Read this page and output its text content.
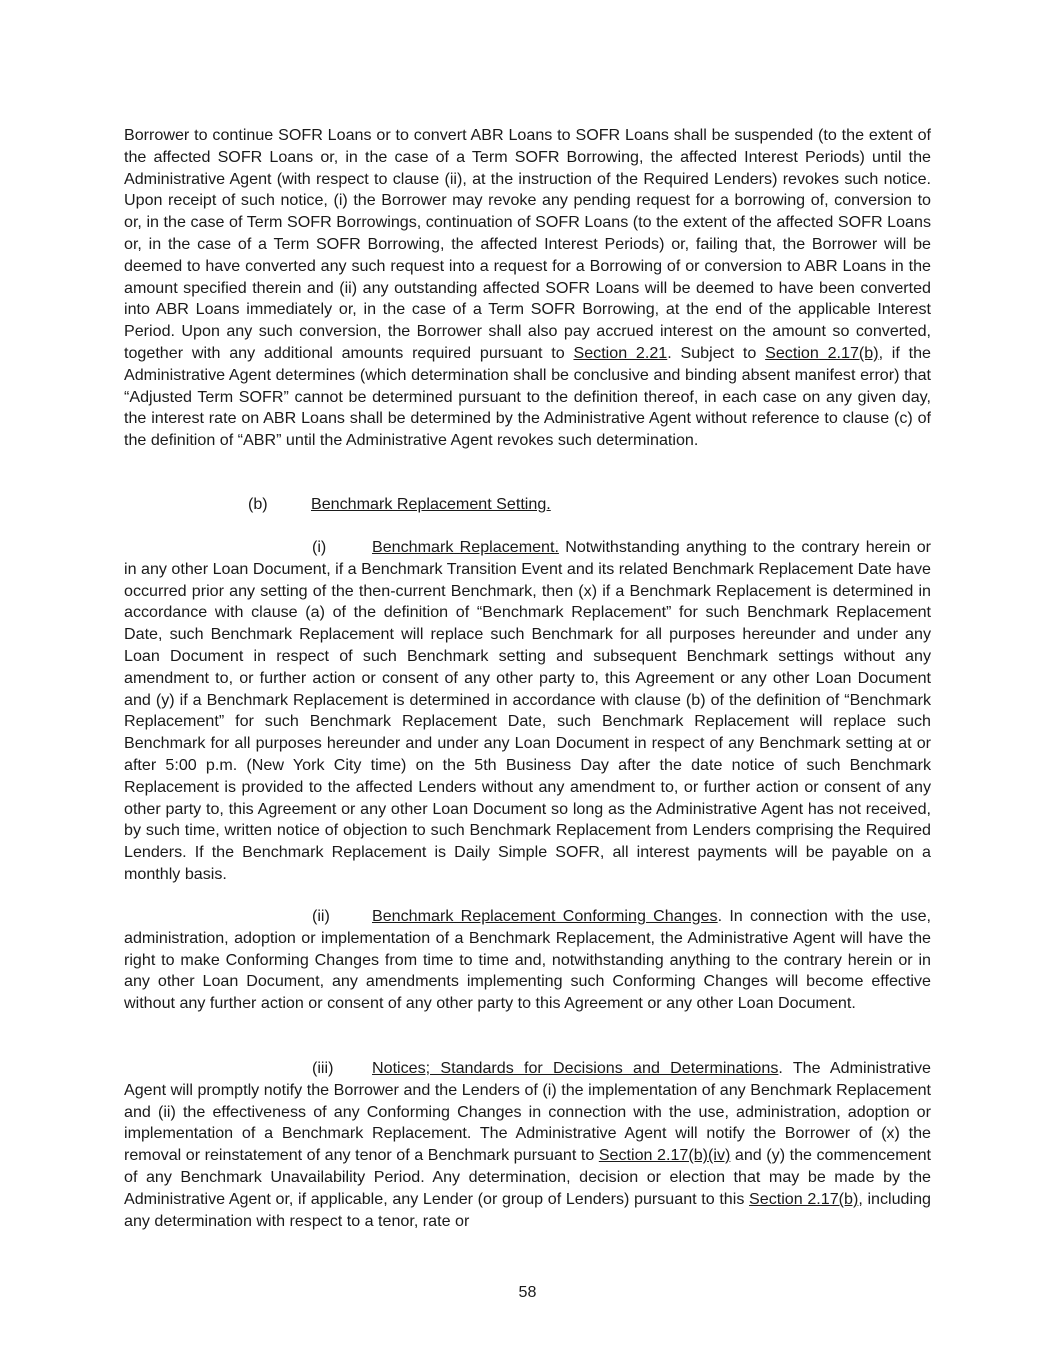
Borrower to continue SOFR Loans or to convert ABR Loans to SOFR Loans shall be suspended (to the extent of the affected SOFR Loans or, in the case of a Term SOFR Borrowing, the affected Interest Periods) until the Administrative Agent (with respect to clause (ii), at the instruction of the Required Lenders) revokes such notice. Upon receipt of such notice, (i) the Borrower may revoke any pending request for a borrowing of, conversion to or, in the case of Term SOFR Borrowings, continuation of SOFR Loans (to the extent of the affected SOFR Loans or, in the case of a Term SOFR Borrowing, the affected Interest Periods) or, failing that, the Borrower will be deemed to have converted any such request into a request for a Borrowing of or conversion to ABR Loans in the amount specified therein and (ii) any outstanding affected SOFR Loans will be deemed to have been converted into ABR Loans immediately or, in the case of a Term SOFR Borrowing, at the end of the applicable Interest Period. Upon any such conversion, the Borrower shall also pay accrued interest on the amount so converted, together with any additional amounts required pursuant to Section 2.21. Subject to Section 2.17(b), if the Administrative Agent determines (which determination shall be conclusive and binding absent manifest error) that “Adjusted Term SOFR” cannot be determined pursuant to the definition thereof, in each case on any given day, the interest rate on ABR Loans shall be determined by the Administrative Agent without reference to clause (c) of the definition of “ABR” until the Administrative Agent revokes such determination.

(b)	Benchmark Replacement Setting.

(i)	Benchmark Replacement. Notwithstanding anything to the contrary herein or in any other Loan Document, if a Benchmark Transition Event and its related Benchmark Replacement Date have occurred prior any setting of the then-current Benchmark, then (x) if a Benchmark Replacement is determined in accordance with clause (a) of the definition of “Benchmark Replacement” for such Benchmark Replacement Date, such Benchmark Replacement will replace such Benchmark for all purposes hereunder and under any Loan Document in respect of such Benchmark setting and subsequent Benchmark settings without any amendment to, or further action or consent of any other party to, this Agreement or any other Loan Document and (y) if a Benchmark Replacement is determined in accordance with clause (b) of the definition of “Benchmark Replacement” for such Benchmark Replacement Date, such Benchmark Replacement will replace such Benchmark for all purposes hereunder and under any Loan Document in respect of any Benchmark setting at or after 5:00 p.m. (New York City time) on the 5th Business Day after the date notice of such Benchmark Replacement is provided to the affected Lenders without any amendment to, or further action or consent of any other party to, this Agreement or any other Loan Document so long as the Administrative Agent has not received, by such time, written notice of objection to such Benchmark Replacement from Lenders comprising the Required Lenders. If the Benchmark Replacement is Daily Simple SOFR, all interest payments will be payable on a monthly basis.

(ii)	Benchmark Replacement Conforming Changes. In connection with the use, administration, adoption or implementation of a Benchmark Replacement, the Administrative Agent will have the right to make Conforming Changes from time to time and, notwithstanding anything to the contrary herein or in any other Loan Document, any amendments implementing such Conforming Changes will become effective without any further action or consent of any other party to this Agreement or any other Loan Document.

(iii) Notices; Standards for Decisions and Determinations. The Administrative Agent will promptly notify the Borrower and the Lenders of (i) the implementation of any Benchmark Replacement and (ii) the effectiveness of any Conforming Changes in connection with the use, administration, adoption or implementation of a Benchmark Replacement. The Administrative Agent will notify the Borrower of (x) the removal or reinstatement of any tenor of a Benchmark pursuant to Section 2.17(b)(iv) and (y) the commencement of any Benchmark Unavailability Period. Any determination, decision or election that may be made by the Administrative Agent or, if applicable, any Lender (or group of Lenders) pursuant to this Section 2.17(b), including any determination with respect to a tenor, rate or

58
